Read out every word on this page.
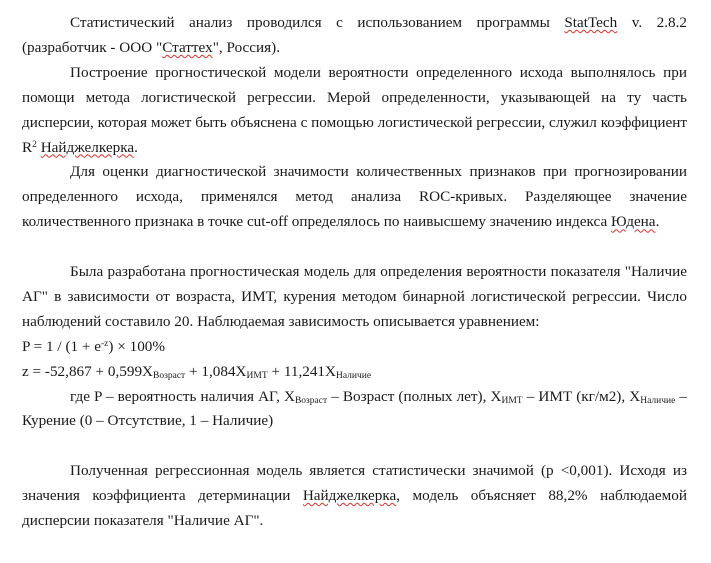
Статистический анализ проводился с использованием программы StatTech v. 2.8.2 (разработчик - ООО "Статтех", Россия).

Построение прогностической модели вероятности определенного исхода выполнялось при помощи метода логистической регрессии. Мерой определенности, указывающей на ту часть дисперсии, которая может быть объяснена с помощью логистической регрессии, служил коэффициент $R^2$ Найджелкерка.

Для оценки диагностической значимости количественных признаков при прогнозировании определенного исхода, применялся метод анализа ROC-кривых. Разделяющее значение количественного признака в точке cut-off определялось по наивысшему значению индекса Юдена.

Была разработана прогностическая модель для определения вероятности показателя "Наличие АГ" в зависимости от возраста, ИМТ, курения методом бинарной логистической регрессии. Число наблюдений составило 20. Наблюдаемая зависимость описывается уравнением:

$P = 1 / (1 + e^{-z}) \times 100\%$

$z = -52,867 + 0,599X_{Возраст} + 1,084X_{ИМТ} + 11,241X_{Наличие}$

где P – вероятность наличия АГ, $X_{Возраст}$ – Возраст (полных лет), $X_{ИМТ}$ – ИМТ (кг/м2), $X_{Наличие}$ – Курение (0 – Отсутствие, 1 – Наличие)

Полученная регрессионная модель является статистически значимой (p <0,001). Исходя из значения коэффициента детерминации Найджелкерка, модель объясняет 88,2% наблюдаемой дисперсии показателя "Наличие АГ".
